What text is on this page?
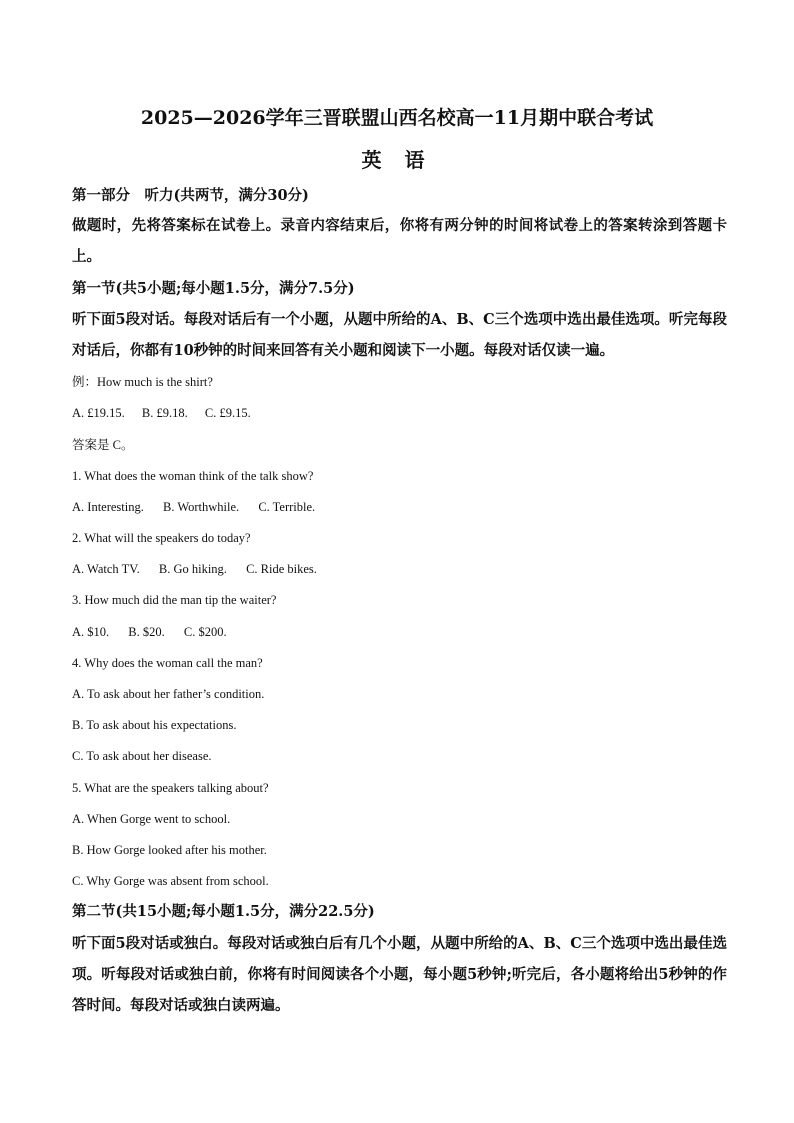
2025—2026学年三晋联盟山西名校高一11月期中联合考试
英 语
第一部分　听力(共两节，满分30分)
做题时，先将答案标在试卷上。录音内容结束后，你将有两分钟的时间将试卷上的答案转涂到答题卡上。
第一节(共5小题;每小题1.5分，满分7.5分)
听下面5段对话。每段对话后有一个小题，从题中所给的A、B、C三个选项中选出最佳选项。听完每段对话后，你都有10秒钟的时间来回答有关小题和阅读下一小题。每段对话仅读一遍。
例：How much is the shirt?
A. £19.15. B. £9.18. C. £9.15.
答案是 C。
1. What does the woman think of the talk show?
A. Interesting. B. Worthwhile. C. Terrible.
2. What will the speakers do today?
A. Watch TV. B. Go hiking. C. Ride bikes.
3. How much did the man tip the waiter?
A. $10. B. $20. C. $200.
4. Why does the woman call the man?
A. To ask about her father’s condition.
B. To ask about his expectations.
C. To ask about her disease.
5. What are the speakers talking about?
A. When Gorge went to school.
B. How Gorge looked after his mother.
C. Why Gorge was absent from school.
第二节(共15小题;每小题1.5分，满分22.5分)
听下面5段对话或独白。每段对话或独白后有几个小题，从题中所给的A、B、C三个选项中选出最佳选项。听每段对话或独白前，你将有时间阅读各个小题，每小题5秒钟;听完后，各小题将给出5秒钟的作答时间。每段对话或独白读两遍。
